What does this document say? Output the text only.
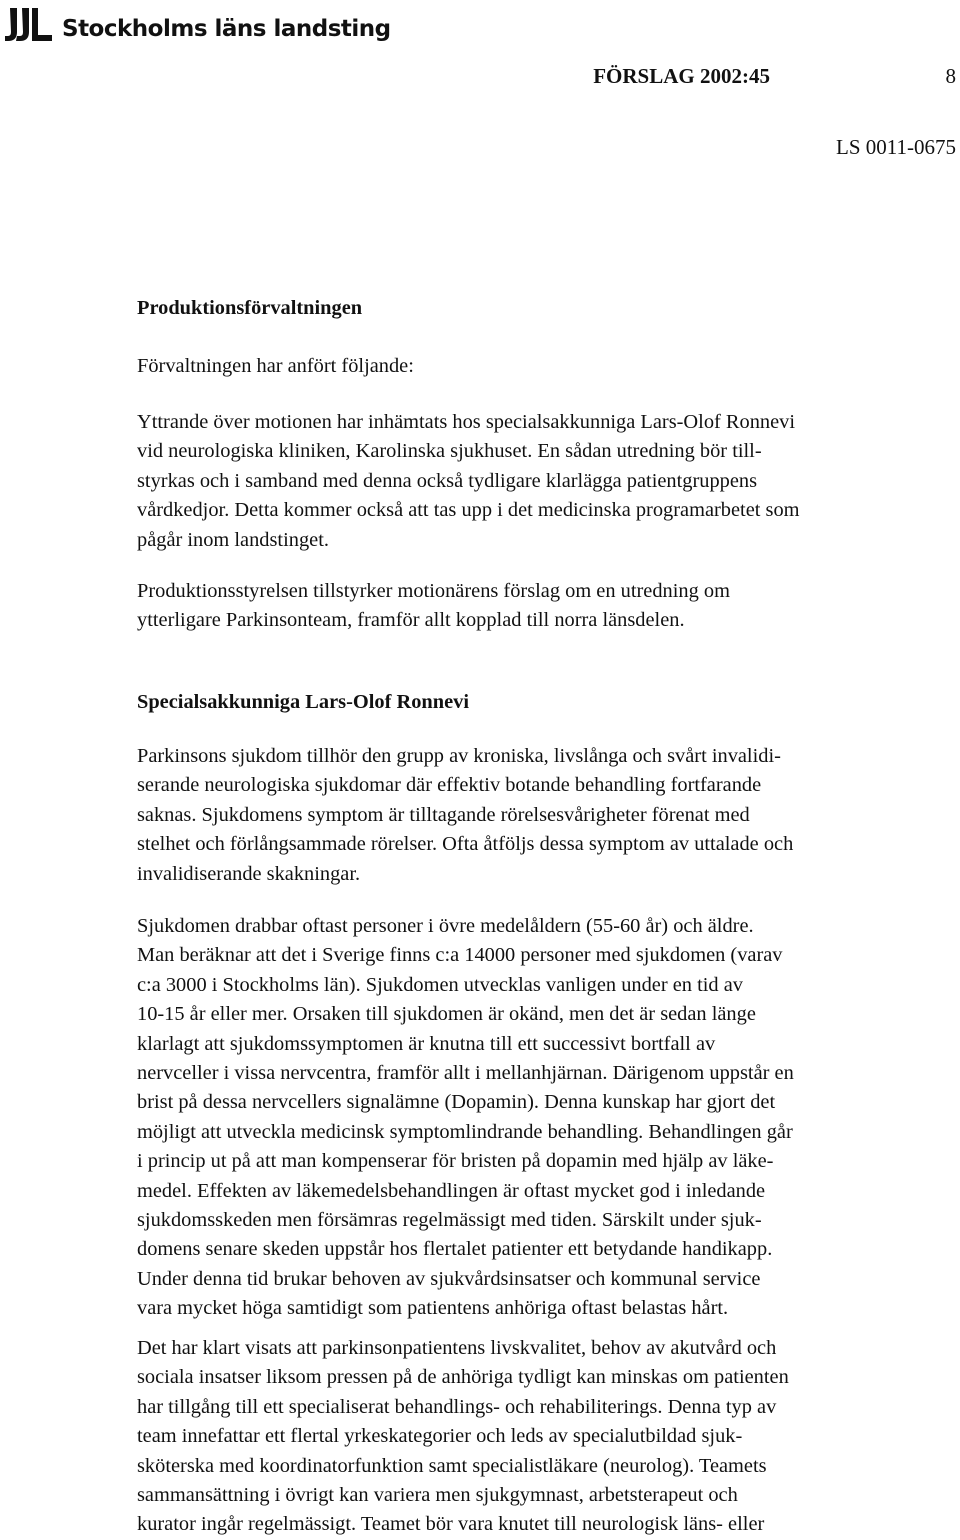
Stockholms läns landsting
FÖRSLAG 2002:45	8
LS 0011-0675
Produktionsförvaltningen

Förvaltningen har anfört följande:

Yttrande över motionen har inhämtats hos specialsakkunniga Lars-Olof Ronnevi
vid neurologiska kliniken, Karolinska sjukhuset. En sådan utredning bör till-
styrkas och i samband med denna också tydligare klarlägga patientgruppens
vårdkedjor. Detta kommer också att tas upp i det medicinska programarbetet som
pågår inom landstinget.

Produktionsstyrelsen tillstyrker motionärens förslag om en utredning om
ytterligare Parkinsonteam, framför allt kopplad till norra länsdelen.

Specialsakkunniga Lars-Olof Ronnevi

Parkinsons sjukdom tillhör den grupp av kroniska, livslånga och svårt invalidi-
serande neurologiska sjukdomar där effektiv botande behandling fortfarande
saknas. Sjukdomens symptom är tilltagande rörelsesvårigheter förenat med
stelhet och förlångsammade rörelser. Ofta åtföljs dessa symptom av uttalade och
invalidiserande skakningar.

Sjukdomen drabbar oftast personer i övre medelåldern (55-60 år) och äldre.
Man beräknar att det i Sverige finns c:a 14000 personer med sjukdomen (varav
c:a 3000 i Stockholms län). Sjukdomen utvecklas vanligen under en tid av
10-15 år eller mer. Orsaken till sjukdomen är okänd, men det är sedan länge
klarlagt att sjukdomssymptomen är knutna till ett successivt bortfall av
nervceller i vissa nervcentra, framför allt i mellanhjärnan. Därigenom uppstår en
brist på dessa nervcellers signalämne (Dopamin). Denna kunskap har gjort det
möjligt att utveckla medicinsk symptomlindrande behandling. Behandlingen går
i princip ut på att man kompenserar för bristen på dopamin med hjälp av läke-
medel. Effekten av läkemedelsbehandlingen är oftast mycket god i inledande
sjukdomsskeden men försämras regelmässigt med tiden. Särskilt under sjuk-
domens senare skeden uppstår hos flertalet patienter ett betydande handikapp.
Under denna tid brukar behoven av sjukvårdsinsatser och kommunal service
vara mycket höga samtidigt som patientens anhöriga oftast belastas hårt.

Det har klart visats att parkinsonpatientens livskvalitet, behov av akutvård och
sociala insatser liksom pressen på de anhöriga tydligt kan minskas om patienten
har tillgång till ett specialiserat behandlings- och rehabiliterings. Denna typ av
team innefattar ett flertal yrkeskategorier och leds av specialutbildad sjuk-
sköterska med koordinatorfunktion samt specialistläkare (neurolog). Teamets
sammansättning i övrigt kan variera men sjukgymnast, arbetsterapeut och
kurator ingår regelmässigt. Teamet bör vara knutet till neurologisk läns- eller
